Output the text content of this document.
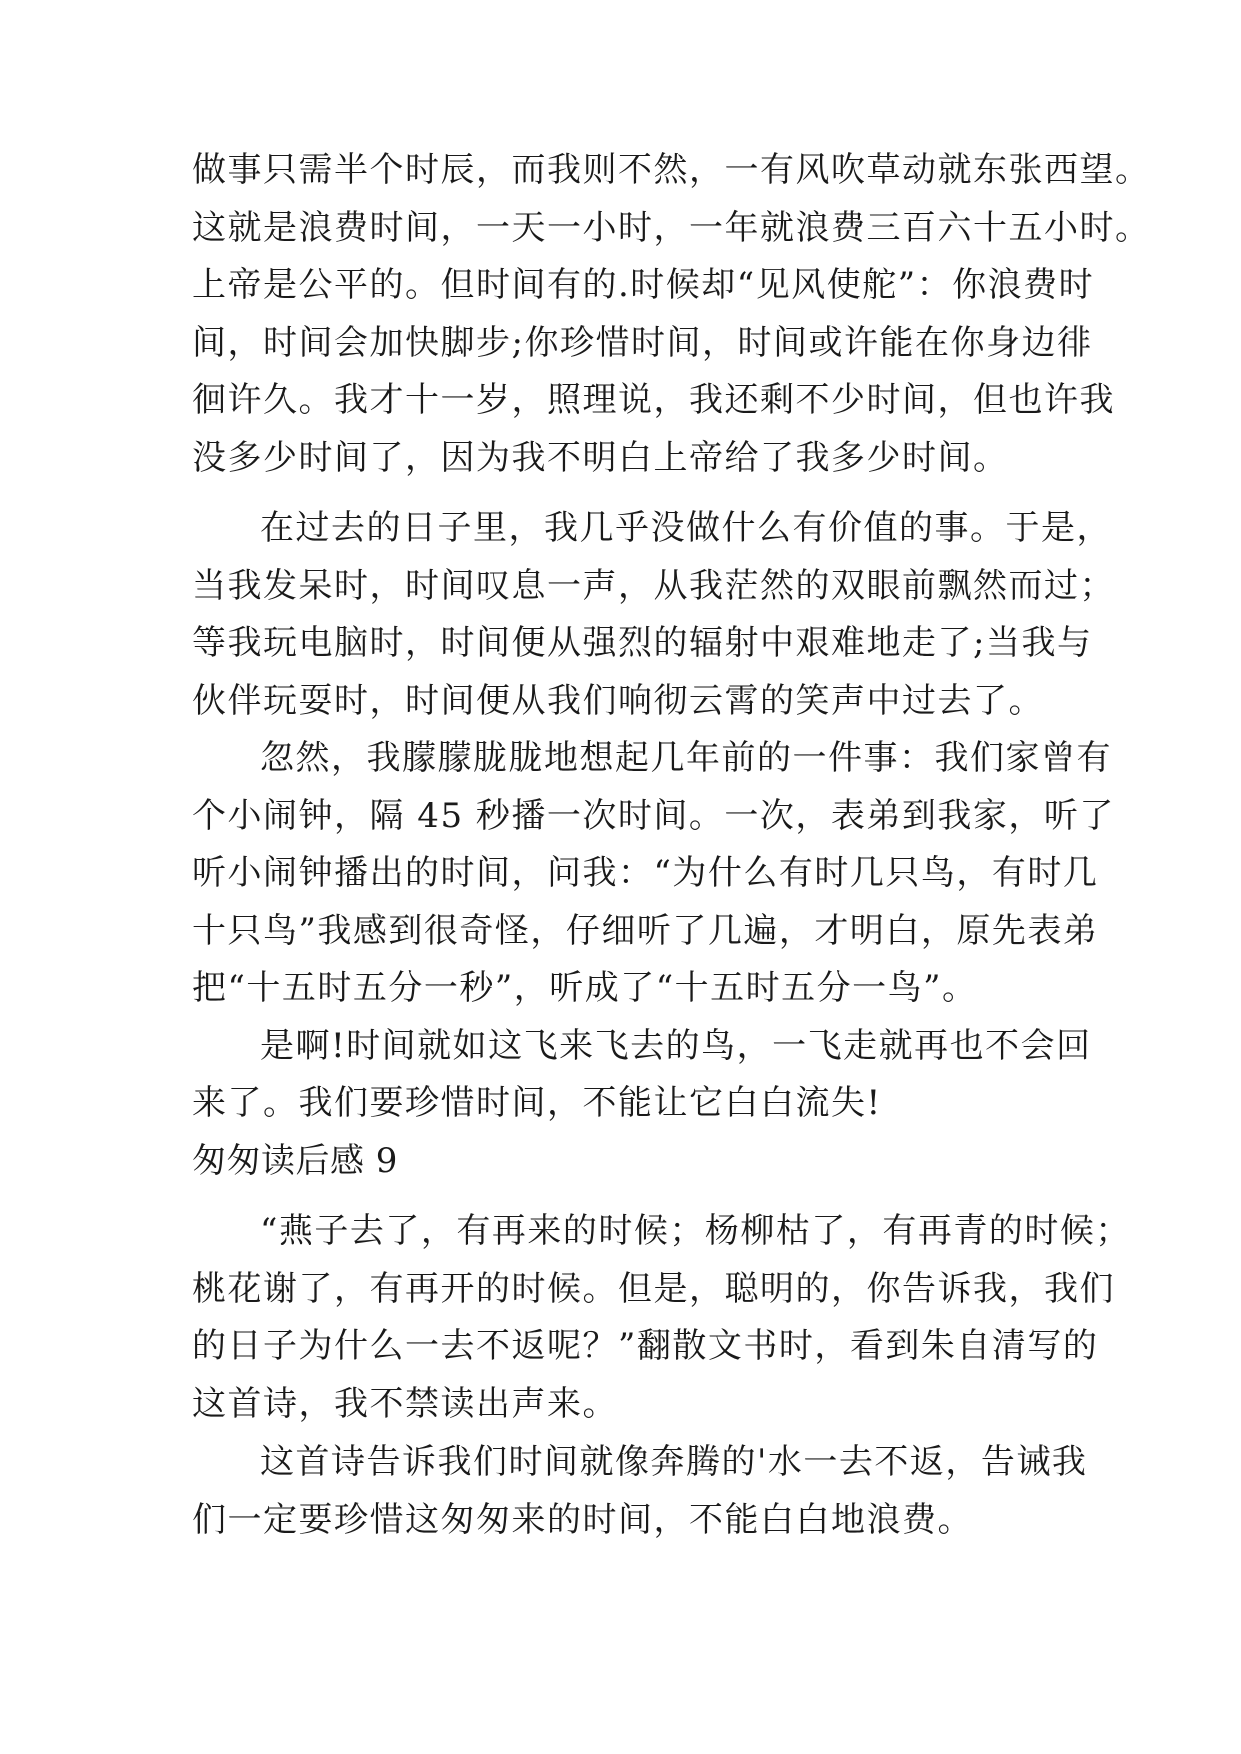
做事只需半个时辰，而我则不然，一有风吹草动就东张西望。
这就是浪费时间，一天一小时，一年就浪费三百六十五小时。
上帝是公平的。但时间有的.时候却“见风使舵”：你浪费时
间，时间会加快脚步;你珍惜时间，时间或许能在你身边徘
徊许久。我才十一岁，照理说，我还剩不少时间，但也许我
没多少时间了，因为我不明白上帝给了我多少时间。
在过去的日子里，我几乎没做什么有价值的事。于是，
当我发呆时，时间叹息一声，从我茫然的双眼前飘然而过；
等我玩电脑时，时间便从强烈的辐射中艰难地走了;当我与
伙伴玩耍时，时间便从我们响彻云霄的笑声中过去了。
忽然，我朦朦胧胧地想起几年前的一件事：我们家曾有
个小闹钟，隔 45 秒播一次时间。一次，表弟到我家，听了
听小闹钟播出的时间，问我：“为什么有时几只鸟，有时几
十只鸟”我感到很奇怪，仔细听了几遍，才明白，原先表弟
把“十五时五分一秒”，听成了“十五时五分一鸟”。
是啊!时间就如这飞来飞去的鸟，一飞走就再也不会回
来了。我们要珍惜时间，不能让它白白流失!
匆匆读后感 9
“燕子去了，有再来的时候；杨柳枯了，有再青的时候；
桃花谢了，有再开的时候。但是，聪明的，你告诉我，我们
的日子为什么一去不返呢？”翻散文书时，看到朱自清写的
这首诗，我不禁读出声来。
这首诗告诉我们时间就像奔腾的'水一去不返，告诫我
们一定要珍惜这匆匆来的时间，不能白白地浪费。
